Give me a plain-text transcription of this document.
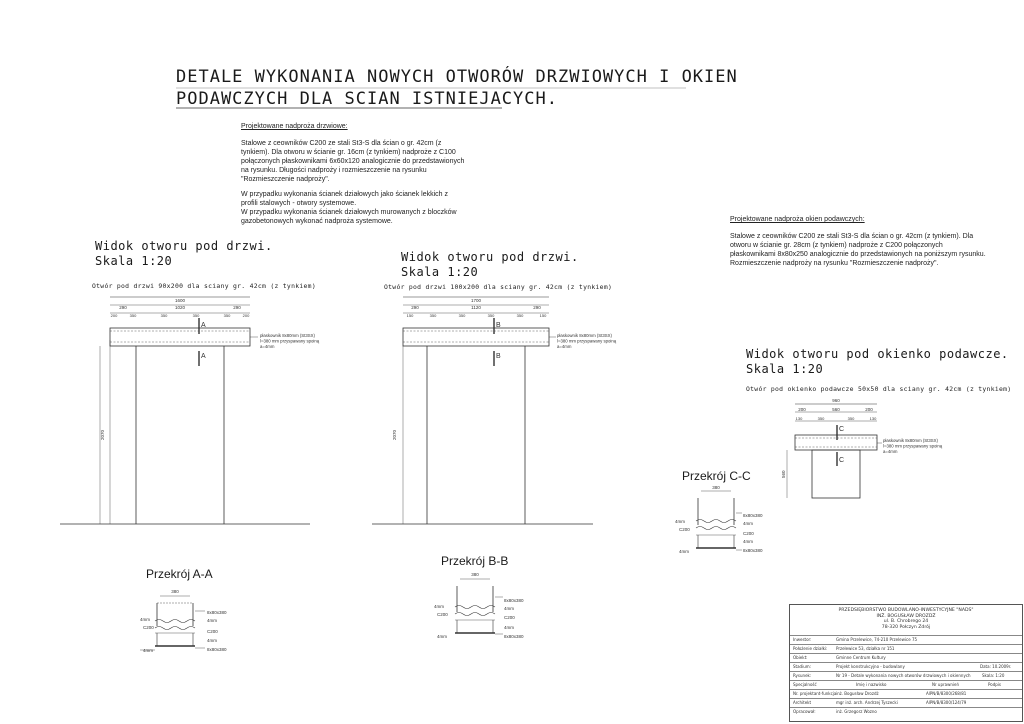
DETALE WYKONANIA NOWYCH OTWORÓW DRZWIOWYCH I OKIEN
PODAWCZYCH DLA SCIAN ISTNIEJACYCH.
Projektowane nadproża drzwiowe:

Stalowe z ceowników C200 ze stali St3-S dla ścian o gr. 42cm (z
tynkiem). Dla otworu w ścianie gr. 16cm (z tynkiem) nadproże z C100
połączonych płaskownikami 6x60x120 analogicznie do przedstawionych
na rysunku. Długości nadproży i rozmieszczenie na rysunku
"Rozmieszczenie nadproży".

W przypadku wykonania ścianek działowych jako ścianek lekkich z
profili stalowych - otwory systemowe.
W przypadku wykonania ścianek działowych murowanych z bloczków
gazobetonowych wykonać nadproża systemowe.	Projektowane nadproża okien podawczych:

Stalowe z ceowników C200 ze stali St3-S dla ścian o gr. 42cm (z tynkiem). Dla
otworu w ścianie gr. 28cm (z tynkiem) nadproże z C200 połączonych
płaskownikami 8x80x250 analogicznie do przedstawionych na poniższym rysunku.
Rozmieszczenie nadproży na rysunku "Rozmieszczenie nadproży".

Widok otworu pod drzwi.
Skala 1:20
Otwór pod drzwi 90x200 dla sciany gr. 42cm (z tynkiem)
Widok otworu pod drzwi.
Skala 1:20
Otwór pod drzwi 100x200 dla sciany gr. 42cm (z tynkiem)
Widok otworu pod okienko podawcze.
Skala 1:20
Otwór pod okienko podawcze 50x50 dla sciany gr. 42cm (z tynkiem)
1600
290	1020	290
200	350	350	350	350	200
A
A
2070
płaskownik 8x80mm (St3SX) l=380 mm przyspawany spoiną a=4mm
1700
290	1120	290
150	350	350	350	350	150
B
B
2070
płaskownik 8x80mm (St3SX) l=380 mm przyspawany spoiną a=4mm
960
200	560	200
130	350	350	130
C
C
560
płaskownik 8x80mm (St3SX) l=380 mm przyspawany spoiną a=4mm
Przekrój A-A
380
8x80x380
4mm
4mm
C200
C200
4mm
4mm	8x80x380
Przekrój B-B
380
8x80x380
4mm
4mm
C200
C200
4mm
4mm	8x80x380
Przekrój C-C
380
8x80x380
4mm
4mm
C200
C200
4mm
4mm	8x80x380
PRZEDSIĘBIORSTWO BUDOWLANO-INWESTYCYJNE "NADS"
INŻ. BOGUSŁAW DROZDŻ
ul. B. Chrobrego 24
78-320 Połczyn Zdrój
Inwestor:	Gmina Przelewice, 74-210 Przelewice 75
Położenie działki: Przelewice 53, działka nr 151
Obiekt:	Gminne Centrum Kultury
Stadium:	Projekt konstrukcyjno - budowlany	Data: 10.2009r.
Rysunek:	Nr 19 - Detale wykonania nowych otworów drzwiowych i okiennych	Skala: 1:20
Specjalność	Imię i nazwisko	Nr uprawnień	Podpis
Nr. projektant-funkcja inż. Bogusław Drozdż	AlPN/B/8300/268/81
Architekt	mgr inż. arch. Andrzej Tyszecki	AlPN/B/8300/124/79
Opracował:	inż. Grzegorz Wozno
